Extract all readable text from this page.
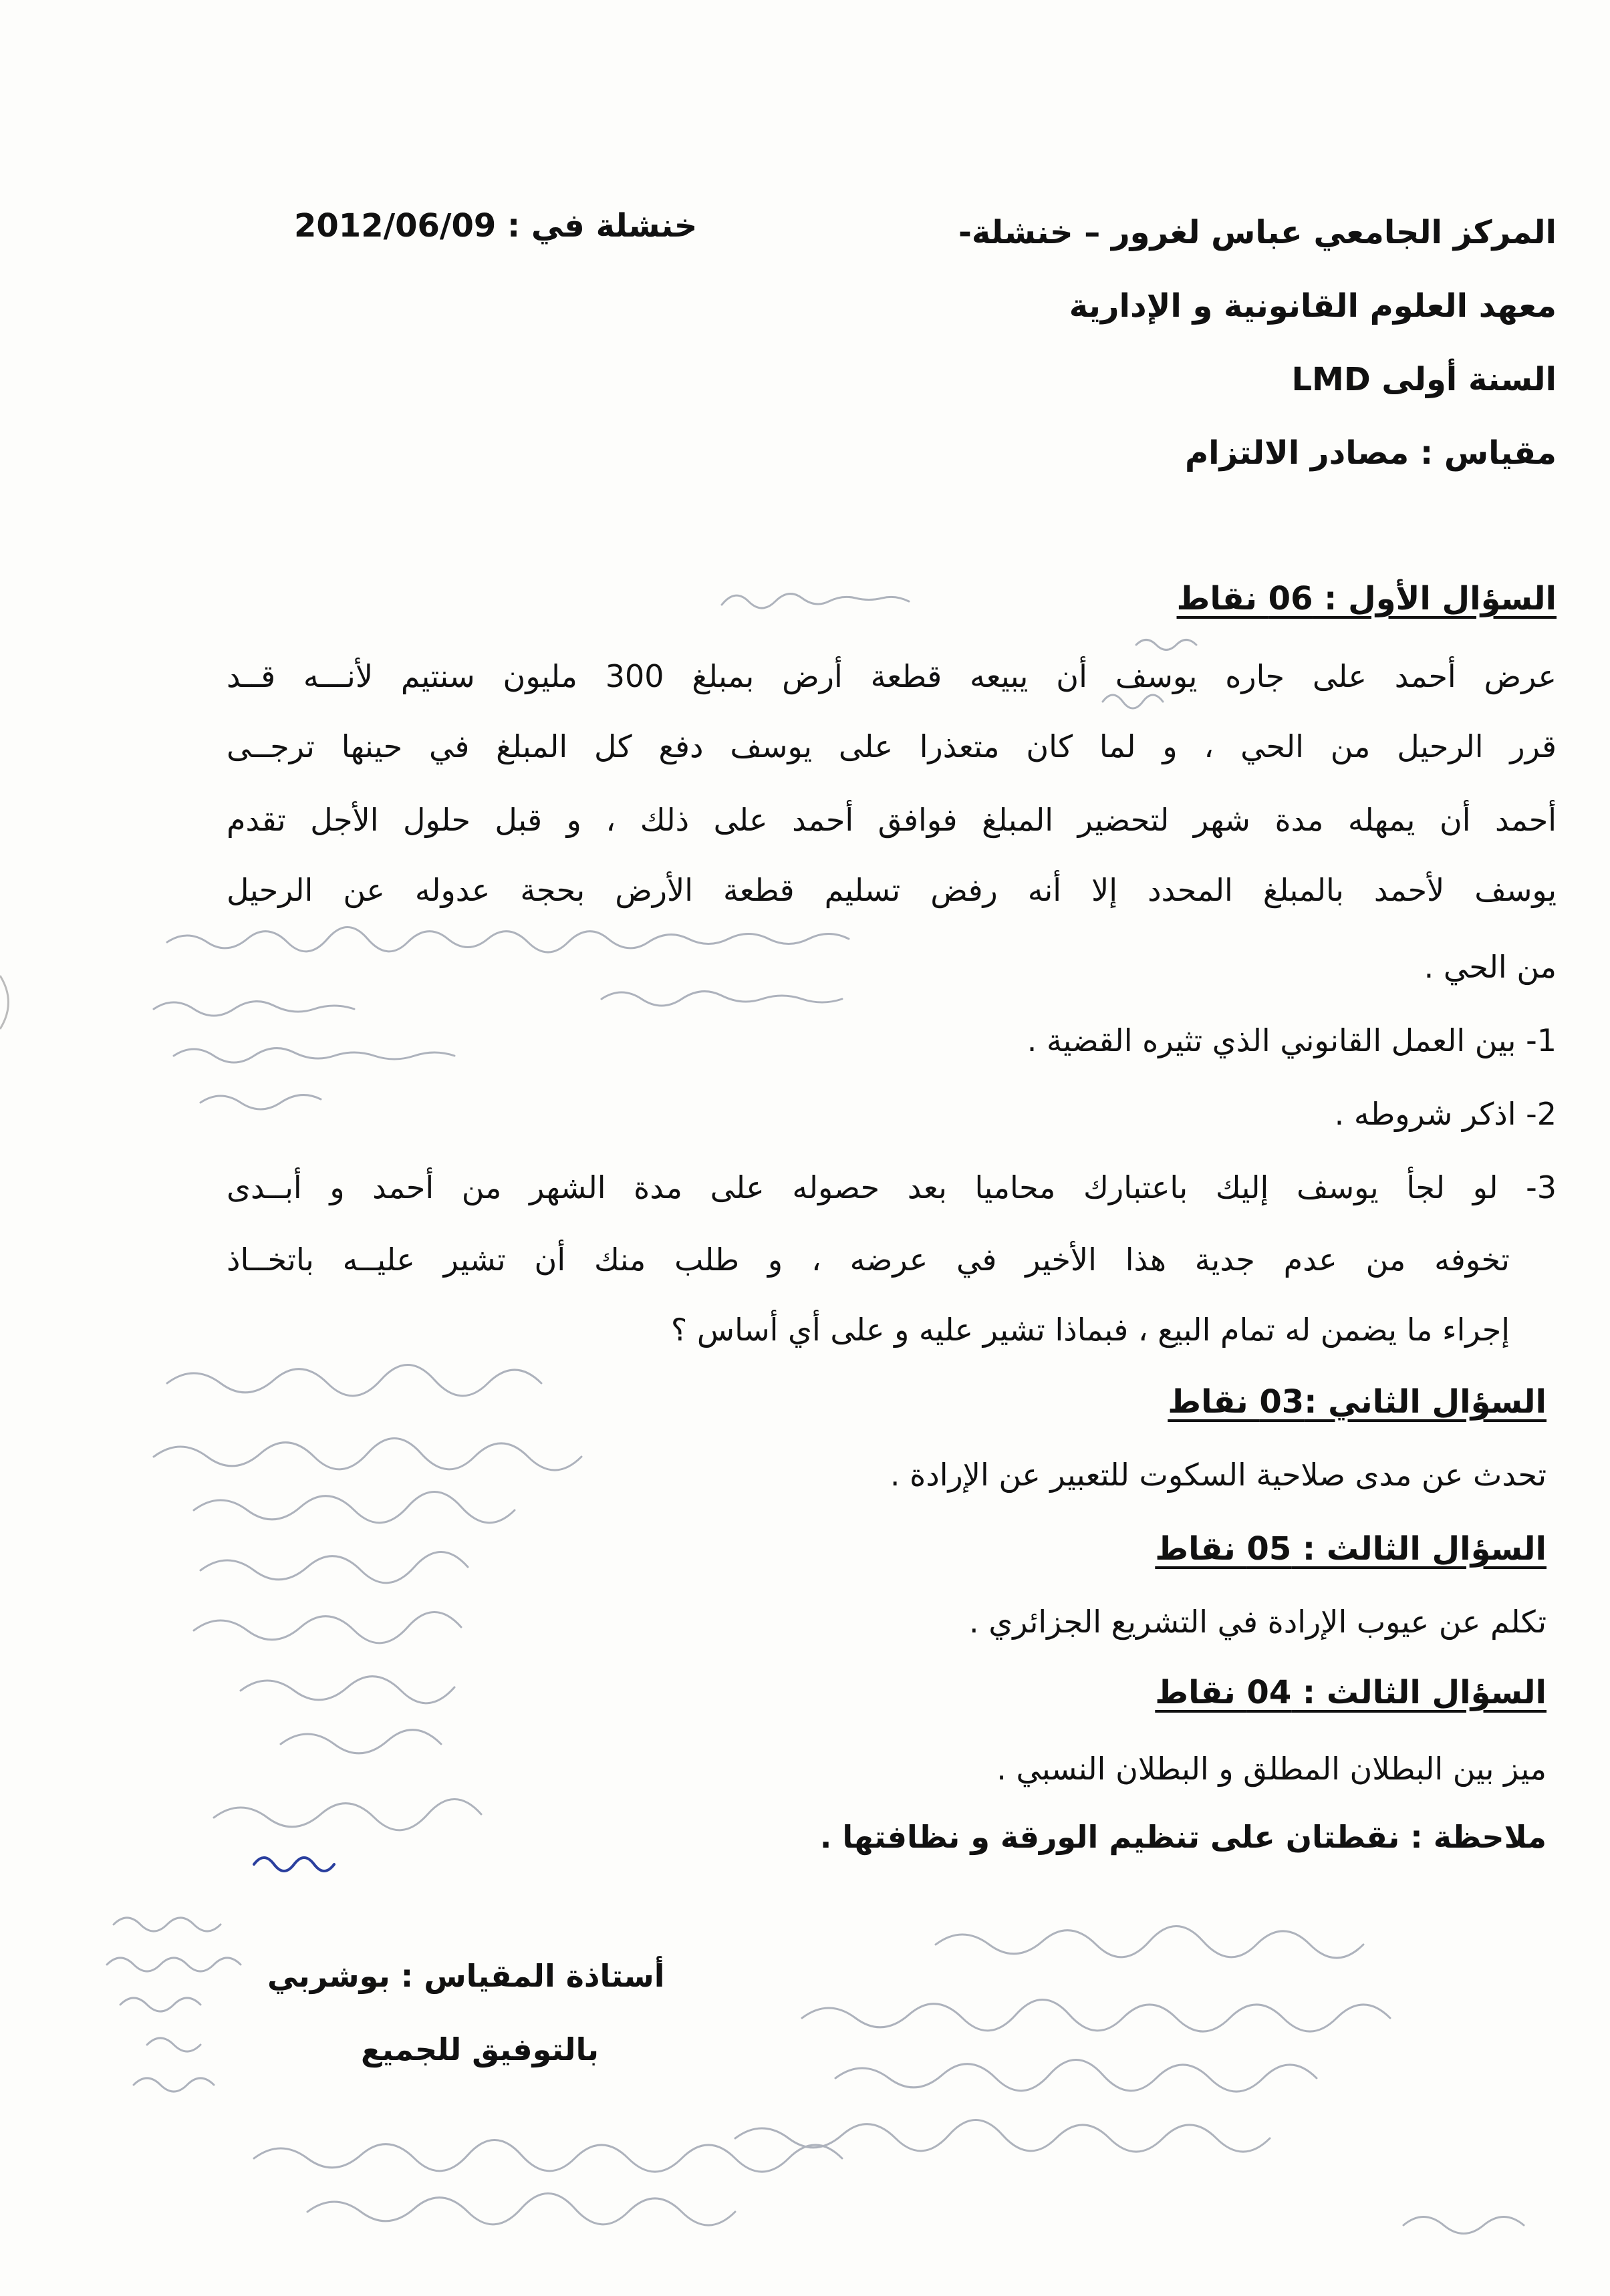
المركز الجامعي عباس لغرور – خنشلة-
خنشلة في : 2012/06/09
معهد العلوم القانونية و الإدارية
السنة أولى LMD
مقياس : مصادر الالتزام
السؤال الأول : 06 نقاط
عرض أحمد على جاره يوسف أن يبيعه قطعة أرض بمبلغ 300 مليون سنتيم لأنـــه قــد
قرر الرحيل من الحي ، و لما كان متعذرا على يوسف دفع كل المبلغ في حينها ترجــى
أحمد أن يمهله مدة شهر لتحضير المبلغ فوافق أحمد على ذلك ، و قبل حلول الأجل تقدم
يوسف لأحمد بالمبلغ المحدد إلا أنه رفض تسليم قطعة الأرض بحجة عدوله عن الرحيل
من الحي .
1- بين العمل القانوني الذي تثيره القضية .
2- اذكر شروطه .
3- لو لجأ يوسف إليك باعتبارك محاميا بعد حصوله على مدة الشهر من أحمد و أبــدى
تخوفه من عدم جدية هذا الأخير في عرضه ، و طلب منك أن تشير عليــه باتخــاذ
إجراء ما يضمن له تمام البيع ، فبماذا تشير عليه و على أي أساس ؟
السؤال الثاني :03 نقاط
تحدث عن مدى صلاحية السكوت للتعبير عن الإرادة .
السؤال الثالث : 05 نقاط
تكلم عن عيوب الإرادة في التشريع الجزائري .
السؤال الثالث : 04 نقاط
ميز بين البطلان المطلق و البطلان النسبي .
ملاحظة : نقطتان على تنظيم الورقة و نظافتها .
أستاذة المقياس : بوشربي
بالتوفيق للجميع
